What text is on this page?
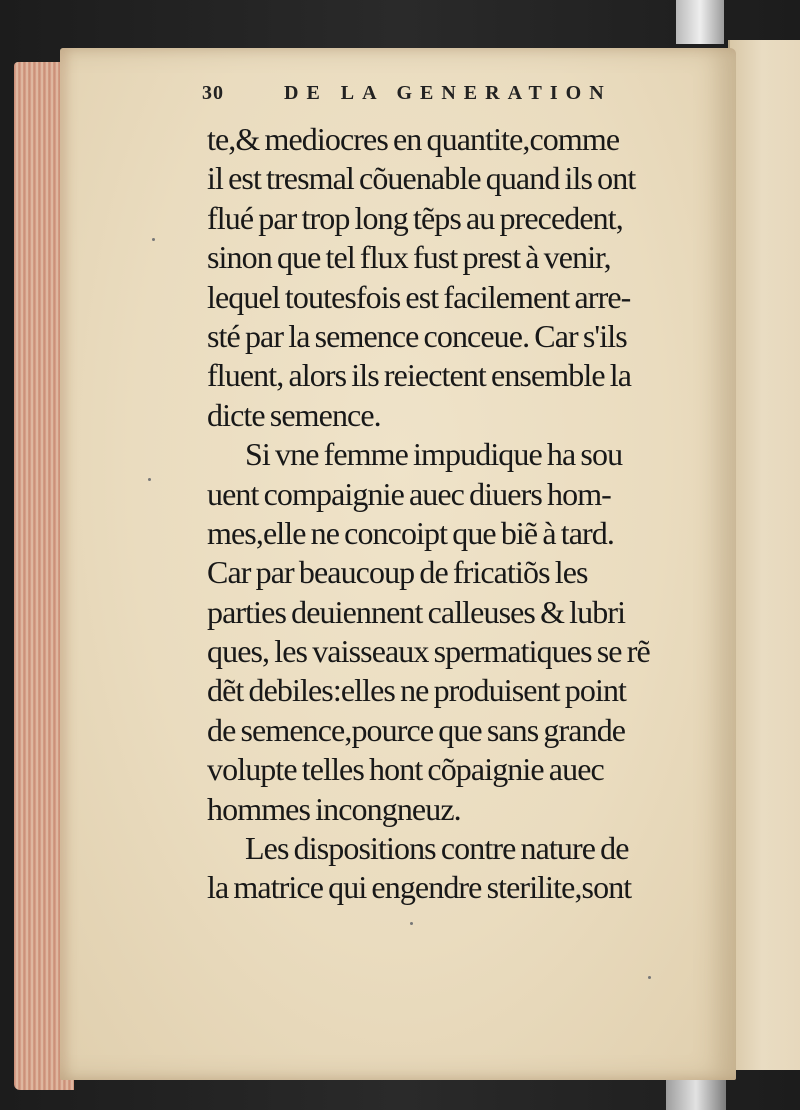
30	DE LA GENERATION
te,& mediocres en quantite,comme
il est tresmal cõuenable quand ils ont
flué par trop long tẽps au precedent,
sinon que tel flux fust prest à venir,
lequel toutesfois est facilement arre-
sté par la semence conceue. Car s'ils
fluent, alors ils reiectent ensemble la
dicte semence.
Si vne femme impudique ha sou
uent compaignie auec diuers hom-
mes,elle ne concoipt que biẽ à tard.
Car par beaucoup de fricatiõs les
parties deuiennent calleuses & lubri
ques, les vaisseaux spermatiques se rẽ
dẽt debiles:elles ne produisent point
de semence,pource que sans grande
volupte telles hont cõpaignie auec
hommes incongneuz.
Les dispositions contre nature de
la matrice qui engendre sterilite,sont
